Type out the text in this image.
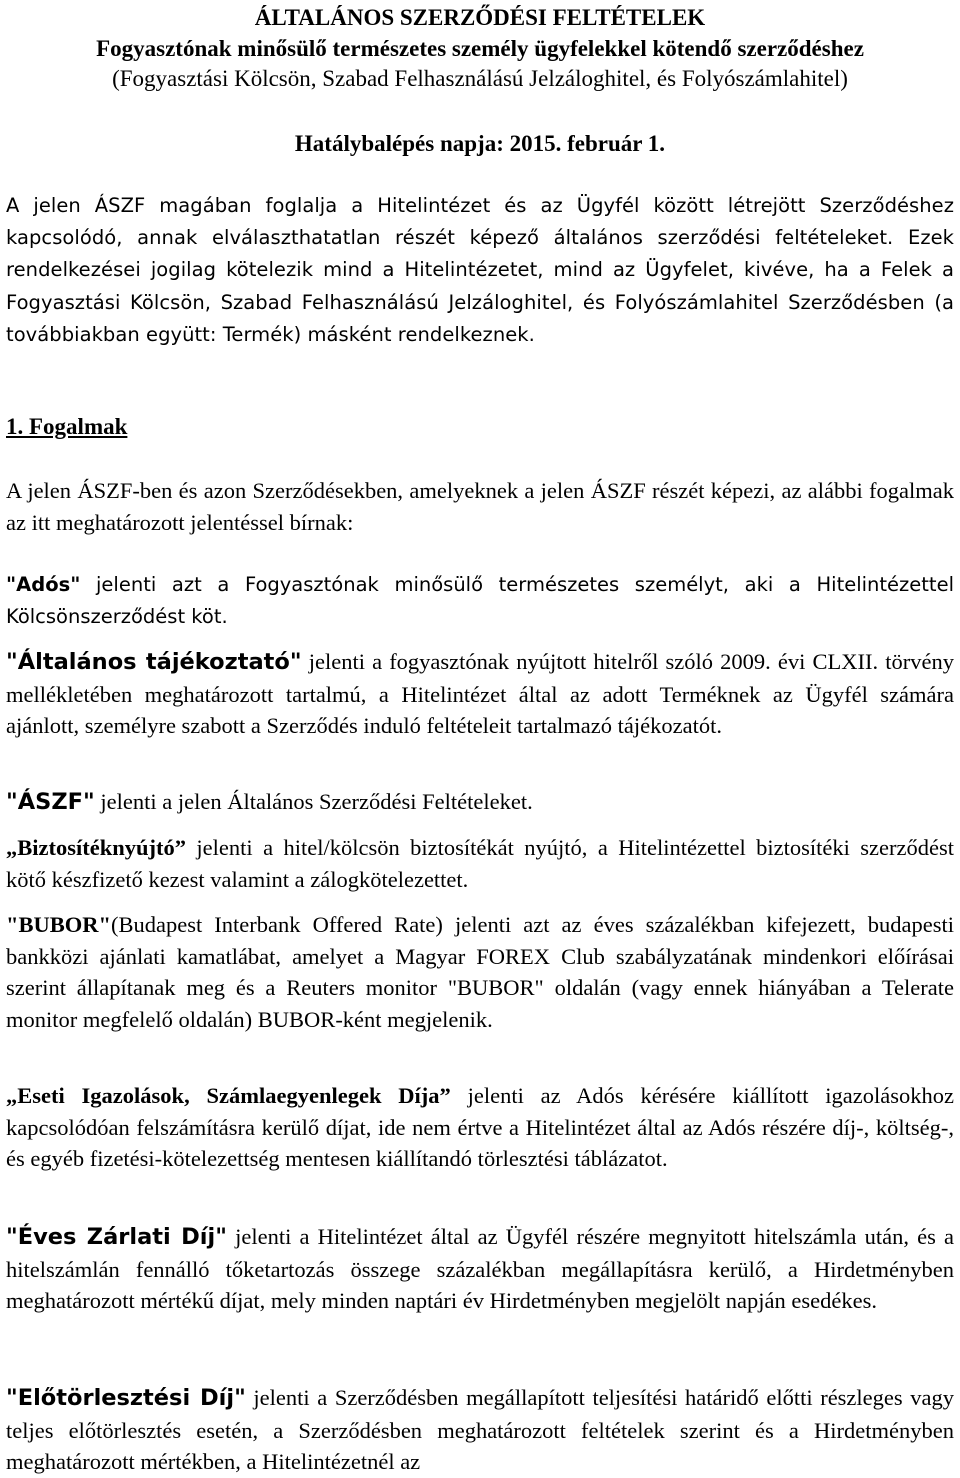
ÁLTALÁNOS SZERZŐDÉSI FELTÉTELEK
Fogyasztónak minősülő természetes személy ügyfelekkel kötendő szerződéshez
(Fogyasztási Kölcsön, Szabad Felhasználású Jelzáloghitel, és Folyószámlahitel)
Hatálybalépés napja: 2015. február 1.
A jelen ÁSZF magában foglalja a Hitelintézet és az Ügyfél között létrejött Szerződéshez kapcsolódó, annak elválaszthatatlan részét képező általános szerződési feltételeket. Ezek rendelkezései jogilag kötelezik mind a Hitelintézetet, mind az Ügyfelet, kivéve, ha a Felek a Fogyasztási Kölcsön, Szabad Felhasználású Jelzáloghitel, és Folyószámlahitel Szerződésben (a továbbiakban együtt: Termék) másként rendelkeznek.
1. Fogalmak
A jelen ÁSZF-ben és azon Szerződésekben, amelyeknek a jelen ÁSZF részét képezi, az alábbi fogalmak az itt meghatározott jelentéssel bírnak:
"Adós" jelenti azt a Fogyasztónak minősülő természetes személyt, aki a Hitelintézettel Kölcsönszerződést köt.
"Általános tájékoztató" jelenti a fogyasztónak nyújtott hitelről szóló 2009. évi CLXII. törvény mellékletében meghatározott tartalmú, a Hitelintézet által az adott Terméknek az Ügyfél számára ajánlott, személyre szabott a Szerződés induló feltételeit tartalmazó tájékozatót.
"ÁSZF" jelenti a jelen Általános Szerződési Feltételeket.
„Biztosítéknyújtó” jelenti a hitel/kölcsön biztosítékát nyújtó, a Hitelintézettel biztosítéki szerződést kötő készfizető kezest valamint a zálogkötelezettet.
"BUBOR"(Budapest Interbank Offered Rate) jelenti azt az éves százalékban kifejezett, budapesti bankközi ajánlati kamatlábat, amelyet a Magyar FOREX Club szabályzatának mindenkori előírásai szerint állapítanak meg és a Reuters monitor "BUBOR" oldalán (vagy ennek hiányában a Telerate monitor megfelelő oldalán) BUBOR-ként megjelenik.
„Eseti Igazolások, Számlaegyenlegek Díja” jelenti az Adós kérésére kiállított igazolásokhoz kapcsolódóan felszámításra kerülő díjat, ide nem értve a Hitelintézet által az Adós részére díj-, költség-, és egyéb fizetési-kötelezettség mentesen kiállítandó törlesztési táblázatot.
"Éves Zárlati Díj" jelenti a Hitelintézet által az Ügyfél részére megnyitott hitelszámla után, és a hitelszámlán fennálló tőketartozás összege százalékban megállapításra kerülő, a Hirdetményben meghatározott mértékű díjat, mely minden naptári év Hirdetményben megjelölt napján esedékes.
"Előtörlesztési Díj" jelenti a Szerződésben megállapított teljesítési határidő előtti részleges vagy teljes előtörlesztés esetén, a Szerződésben meghatározott feltételek szerint és a Hirdetményben meghatározott mértékben, a Hitelintézetnél az
